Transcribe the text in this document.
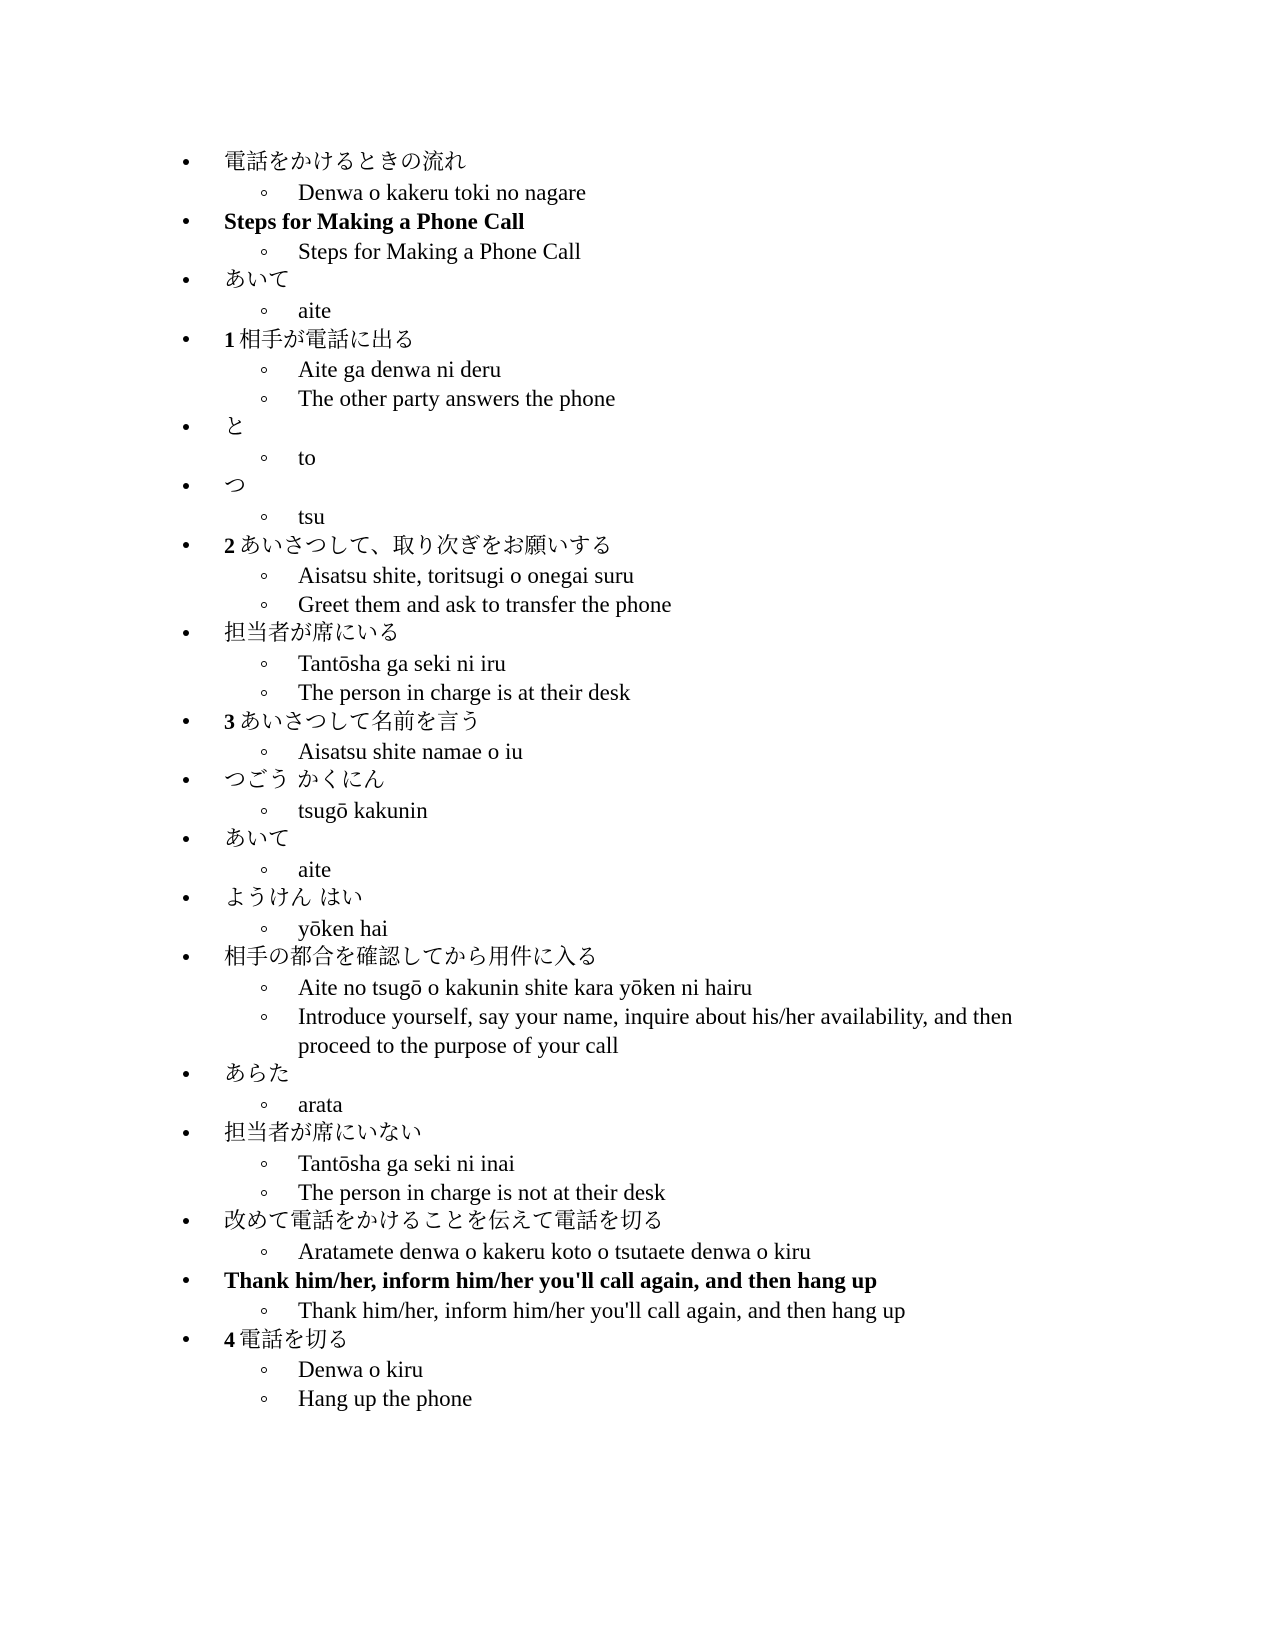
電話をかけるときの流れ
Denwa o kakeru toki no nagare
Steps for Making a Phone Call
Steps for Making a Phone Call
あいて
aite
1 相手が電話に出る
Aite ga denwa ni deru
The other party answers the phone
と
to
つ
tsu
2 あいさつして、取り次ぎをお願いする
Aisatsu shite, toritsugi o onegai suru
Greet them and ask to transfer the phone
担当者が席にいる
Tantōsha ga seki ni iru
The person in charge is at their desk
3 あいさつして名前を言う
Aisatsu shite namae o iu
つごう かくにん
tsugō kakunin
あいて
aite
ようけん はい
yōken hai
相手の都合を確認してから用件に入る
Aite no tsugō o kakunin shite kara yōken ni hairu
Introduce yourself, say your name, inquire about his/her availability, and then proceed to the purpose of your call
あらた
arata
担当者が席にいない
Tantōsha ga seki ni inai
The person in charge is not at their desk
改めて電話をかけることを伝えて電話を切る
Aratamete denwa o kakeru koto o tsutaete denwa o kiru
Thank him/her, inform him/her you'll call again, and then hang up
Thank him/her, inform him/her you'll call again, and then hang up
4 電話を切る
Denwa o kiru
Hang up the phone
